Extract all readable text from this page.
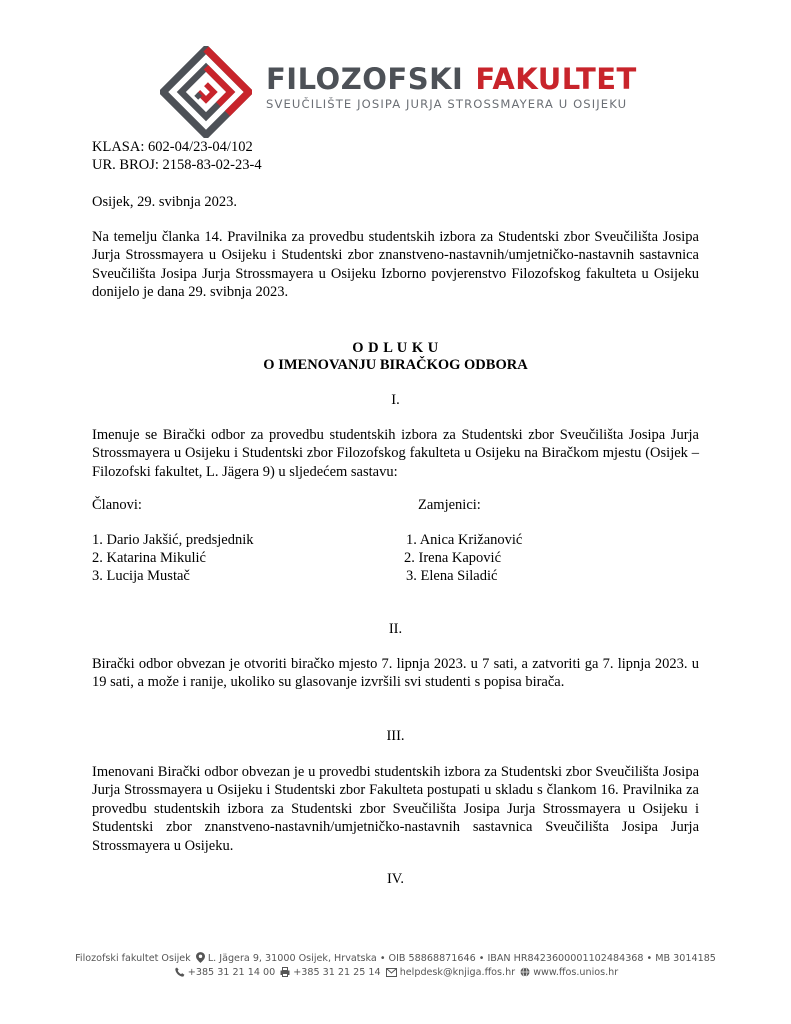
FILOZOFSKI FAKULTET
SVEUČILIŠTE JOSIPA JURJA STROSSMAYERA U OSIJEKU
KLASA: 602-04/23-04/102
UR. BROJ: 2158-83-02-23-4
Osijek, 29. svibnja 2023.
Na temelju članka 14. Pravilnika za provedbu studentskih izbora za Studentski zbor Sveučilišta Josipa Jurja Strossmayera u Osijeku i Studentski zbor znanstveno-nastavnih/umjetničko-nastavnih sastavnica Sveučilišta Josipa Jurja Strossmayera u Osijeku Izborno povjerenstvo Filozofskog fakulteta u Osijeku donijelo je dana 29. svibnja 2023.
O D L U K U
O IMENOVANJU BIRAČKOG ODBORA
I.
Imenuje se Birački odbor za provedbu studentskih izbora za Studentski zbor Sveučilišta Josipa Jurja Strossmayera u Osijeku i Studentski zbor Filozofskog fakulteta u Osijeku na Biračkom mjestu (Osijek – Filozofski fakultet, L. Jägera 9) u sljedećem sastavu:
Članovi:	Zamjenici:
1. Dario Jakšić, predsjednik
2. Katarina Mikulić
3. Lucija Mustač
1. Anica Križanović
2. Irena Kapović
3. Elena Siladić
II.
Birački odbor obvezan je otvoriti biračko mjesto 7. lipnja 2023. u 7 sati, a zatvoriti ga 7. lipnja 2023. u 19 sati, a može i ranije, ukoliko su glasovanje izvršili svi studenti s popisa birača.
III.
Imenovani Birački odbor obvezan je u provedbi studentskih izbora za Studentski zbor Sveučilišta Josipa Jurja Strossmayera u Osijeku i Studentski zbor Fakulteta postupati u skladu s člankom 16. Pravilnika za provedbu studentskih izbora za Studentski zbor Sveučilišta Josipa Jurja Strossmayera u Osijeku i Studentski zbor znanstveno-nastavnih/umjetničko-nastavnih sastavnica Sveučilišta Josipa Jurja Strossmayera u Osijeku.
IV.
Filozofski fakultet Osijek L. Jägera 9, 31000 Osijek, Hrvatska • OIB 58868871646 • IBAN HR8423600001102484368 • MB 3014185
+385 31 21 14 00 +385 31 21 25 14 helpdesk@knjiga.ffos.hr www.ffos.unios.hr
